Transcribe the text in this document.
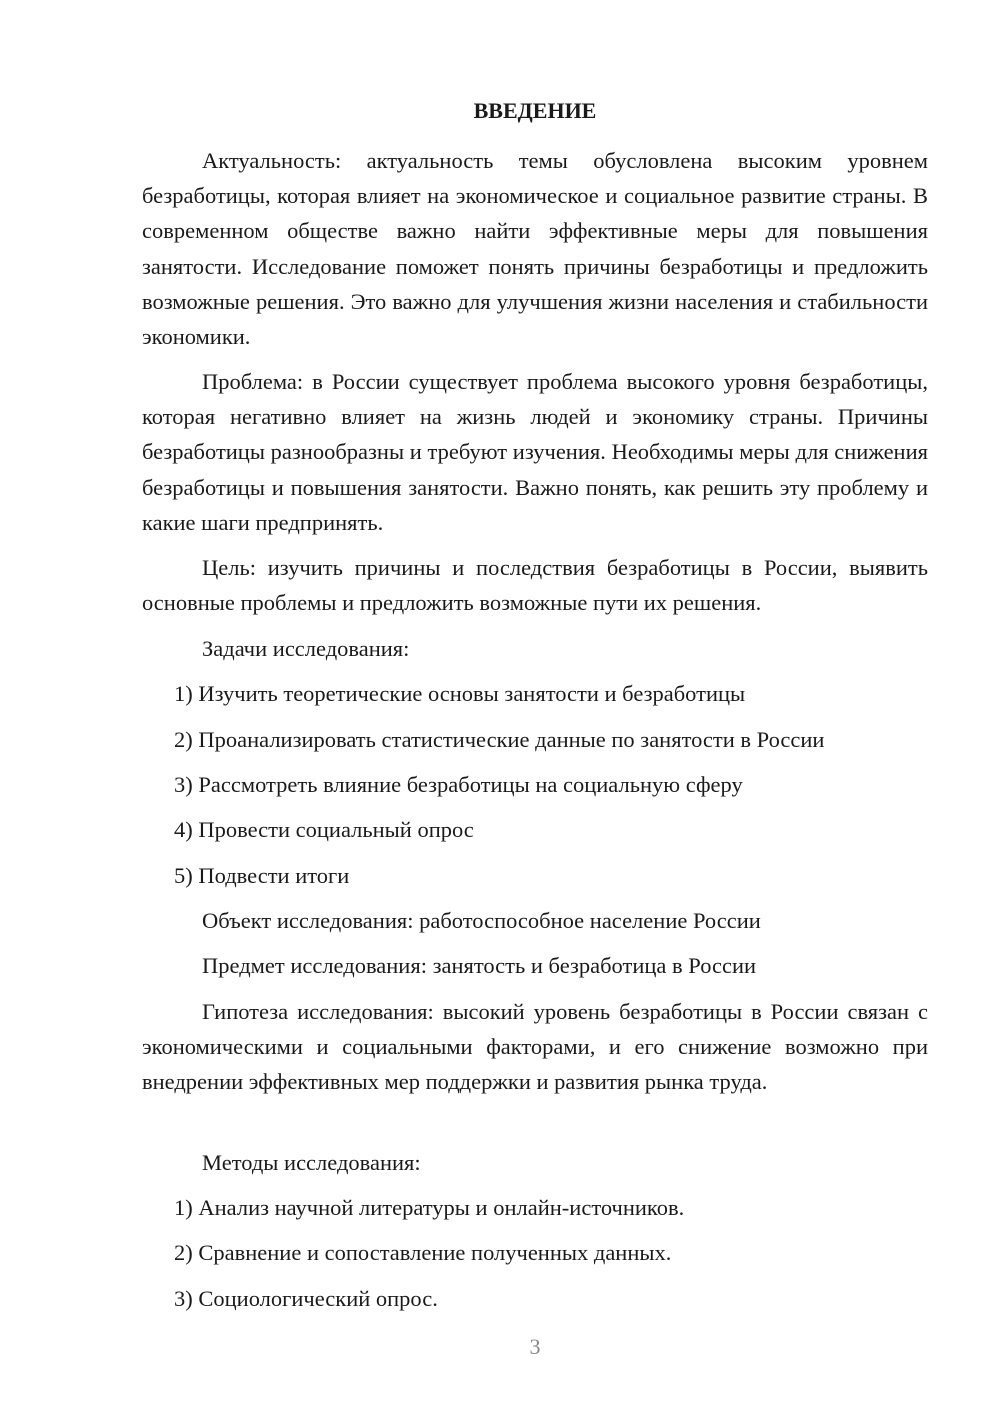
ВВЕДЕНИЕ

Актуальность: актуальность темы обусловлена высоким уровнем безработицы, которая влияет на экономическое и социальное развитие страны. В современном обществе важно найти эффективные меры для повышения занятости. Исследование поможет понять причины безработицы и предложить возможные решения. Это важно для улучшения жизни населения и стабильности экономики.

Проблема: в России существует проблема высокого уровня безработицы, которая негативно влияет на жизнь людей и экономику страны. Причины безработицы разнообразны и требуют изучения. Необходимы меры для снижения безработицы и повышения занятости. Важно понять, как решить эту проблему и какие шаги предпринять.

Цель: изучить причины и последствия безработицы в России, выявить основные проблемы и предложить возможные пути их решения.

Задачи исследования:

1) Изучить теоретические основы занятости и безработицы

2) Проанализировать статистические данные по занятости в России

3) Рассмотреть влияние безработицы на социальную сферу

4) Провести социальный опрос

5) Подвести итоги

Объект исследования: работоспособное население России

Предмет исследования: занятость и безработица в России

Гипотеза исследования: высокий уровень безработицы в России связан с экономическими и социальными факторами, и его снижение возможно при внедрении эффективных мер поддержки и развития рынка труда.

Методы исследования:

1) Анализ научной литературы и онлайн-источников.

2) Сравнение и сопоставление полученных данных.

3) Социологический опрос.

3
